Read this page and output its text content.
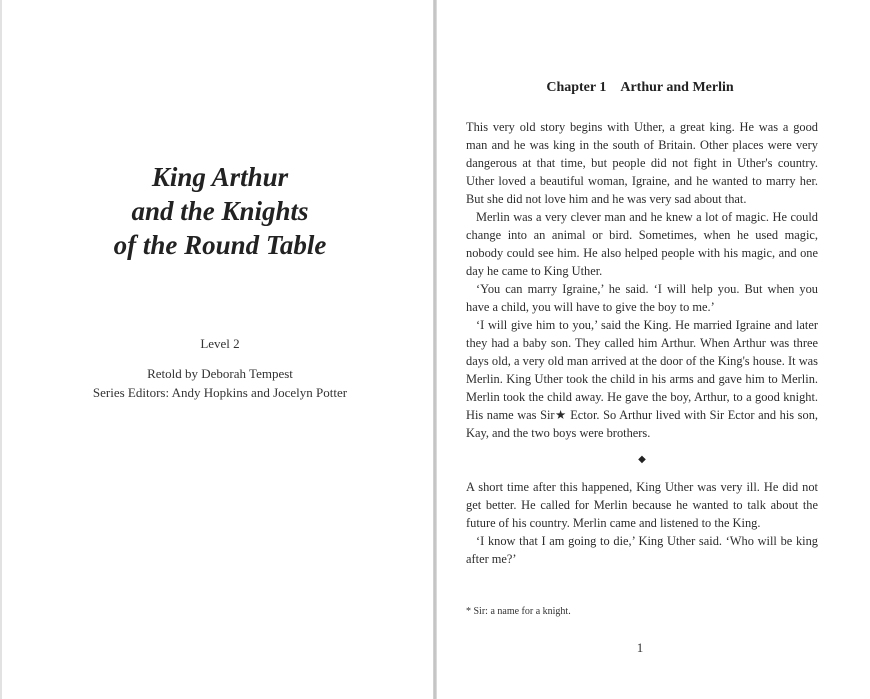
King Arthur
and the Knights
of the Round Table

Level 2

Retold by Deborah Tempest
Series Editors: Andy Hopkins and Jocelyn Potter

Chapter 1 Arthur and Merlin

This very old story begins with Uther, a great king. He was a good man and he was king in the south of Britain. Other places were very dangerous at that time, but people did not fight in Uther's country. Uther loved a beautiful woman, Igraine, and he wanted to marry her. But she did not love him and he was very sad about that.

Merlin was a very clever man and he knew a lot of magic. He could change into an animal or bird. Sometimes, when he used magic, nobody could see him. He also helped people with his magic, and one day he came to King Uther.

‘You can marry Igraine,’ he said. ‘I will help you. But when you have a child, you will have to give the boy to me.’

‘I will give him to you,’ said the King. He married Igraine and later they had a baby son. They called him Arthur. When Arthur was three days old, a very old man arrived at the door of the King's house. It was Merlin. King Uther took the child in his arms and gave him to Merlin. Merlin took the child away. He gave the boy, Arthur, to a good knight. His name was Sir★ Ector. So Arthur lived with Sir Ector and his son, Kay, and the two boys were brothers.

◆

A short time after this happened, King Uther was very ill. He did not get better. He called for Merlin because he wanted to talk about the future of his country. Merlin came and listened to the King.

‘I know that I am going to die,’ King Uther said. ‘Who will be king after me?’

* Sir: a name for a knight.

1
